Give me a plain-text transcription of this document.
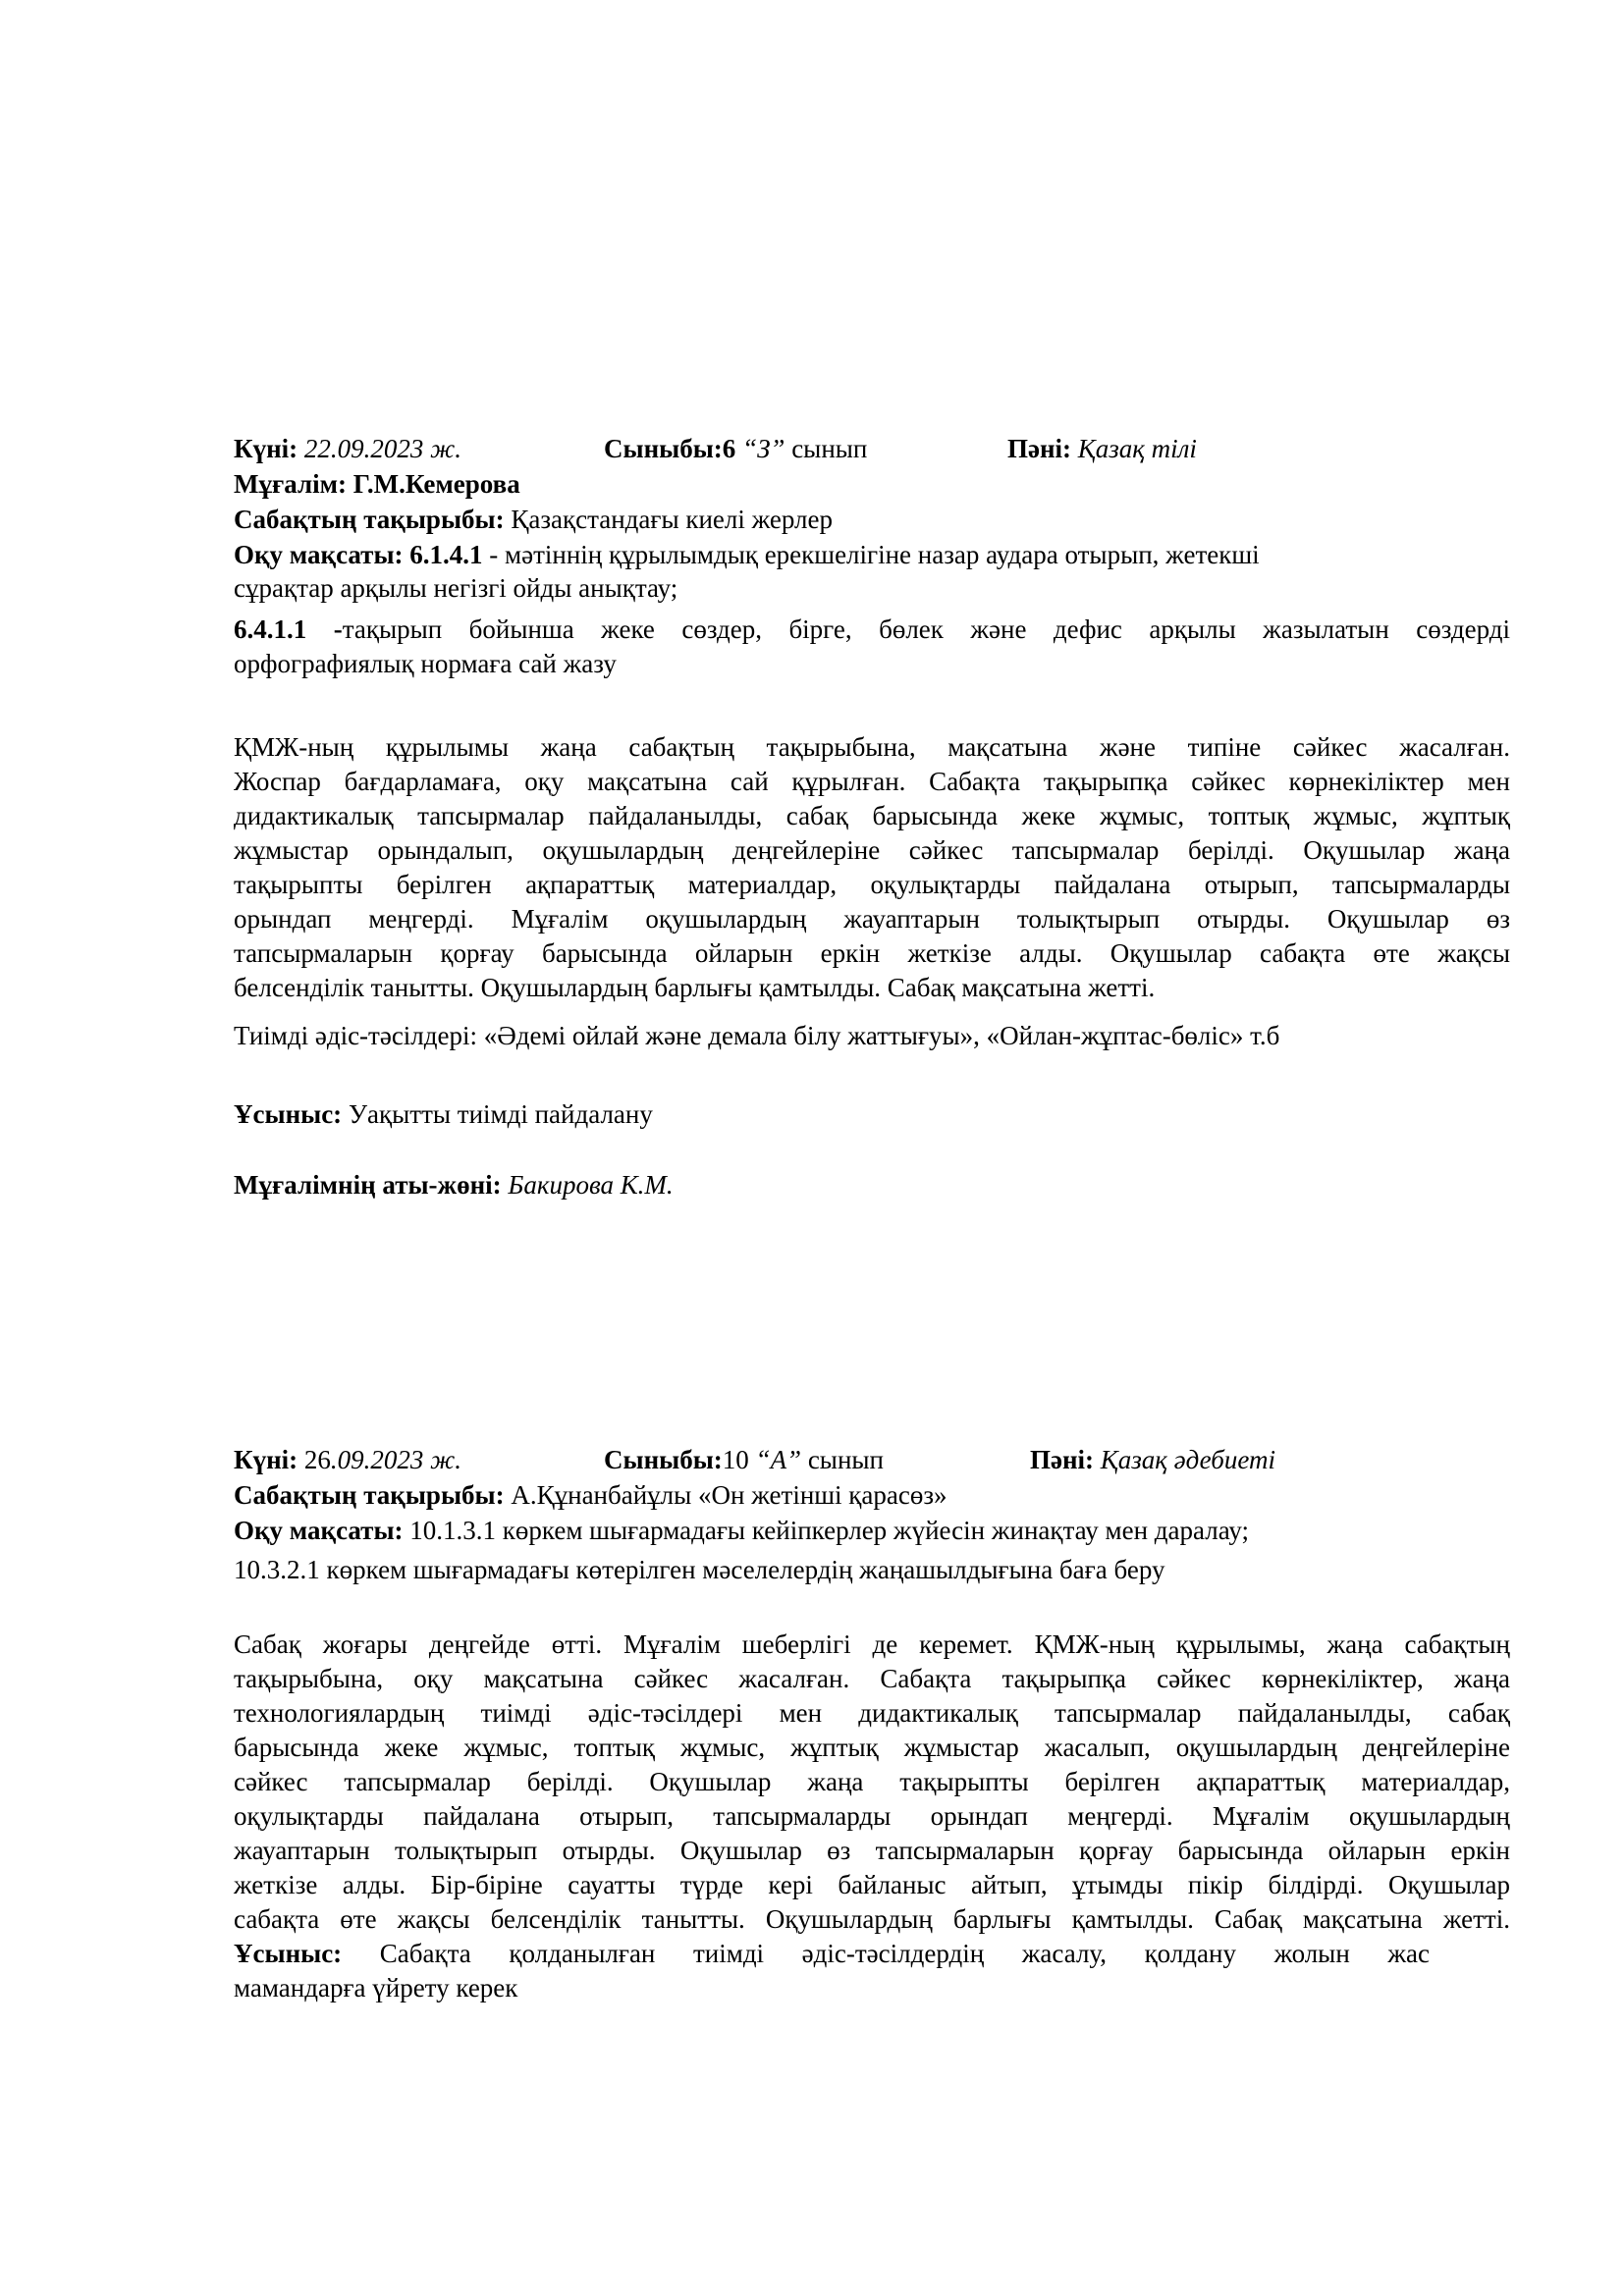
Күні: 22.09.2023 ж.	Сыныбы:6 “З” сынып	Пәні: Қазақ тілі
Мұғалім: Г.М.Кемерова
Сабақтың тақырыбы: Қазақстандағы киелі жерлер
Оқу мақсаты: 6.1.4.1 - мәтіннің құрылымдық ерекшелігіне назар аудара отырып, жетекші
сұрақтар арқылы негізгі ойды анықтау;
6.4.1.1 -тақырып бойынша жеке сөздер, бірге, бөлек және дефис арқылы жазылатын сөздерді
орфографиялық нормаға сай жазу
ҚМЖ-ның құрылымы жаңа сабақтың тақырыбына, мақсатына және типіне сәйкес жасалған.
Жоспар бағдарламаға, оқу мақсатына сай құрылған. Сабақта тақырыпқа сәйкес көрнекіліктер мен
дидактикалық тапсырмалар пайдаланылды, сабақ барысында жеке жұмыс, топтық жұмыс, жұптық
жұмыстар орындалып, оқушылардың деңгейлеріне сәйкес тапсырмалар берілді. Оқушылар жаңа
тақырыпты берілген ақпараттық материалдар, оқулықтарды пайдалана отырып, тапсырмаларды
орындап меңгерді. Мұғалім оқушылардың жауаптарын толықтырып отырды. Оқушылар өз
тапсырмаларын қорғау барысында ойларын еркін жеткізе алды. Оқушылар сабақта өте жақсы
белсенділік танытты. Оқушылардың барлығы қамтылды. Сабақ мақсатына жетті.
Тиімді әдіс-тәсілдері: «Әдемі ойлай және демала білу жаттығуы», «Ойлан-жұптас-бөліс» т.б
Ұсыныс: Уақытты тиімді пайдалану
Мұғалімнің аты-жөні: Бакирова К.М.
Күні: 26.09.2023 ж.	Сыныбы:10 “А” сынып	Пәні: Қазақ әдебиеті
Сабақтың тақырыбы: А.Құнанбайұлы «Он жетінші қарасөз»
Оқу мақсаты: 10.1.3.1 көркем шығармадағы кейіпкерлер жүйесін жинақтау мен даралау;
10.3.2.1 көркем шығармадағы көтерілген мәселелердің жаңашылдығына баға беру
Сабақ жоғары деңгейде өтті. Мұғалім шеберлігі де керемет. ҚМЖ-ның құрылымы, жаңа сабақтың
тақырыбына, оқу мақсатына сәйкес жасалған. Сабақта тақырыпқа сәйкес көрнекіліктер, жаңа
технологиялардың тиімді әдіс-тәсілдері мен дидактикалық тапсырмалар пайдаланылды, сабақ
барысында жеке жұмыс, топтық жұмыс, жұптық жұмыстар жасалып, оқушылардың деңгейлеріне
сәйкес тапсырмалар берілді. Оқушылар жаңа тақырыпты берілген ақпараттық материалдар,
оқулықтарды пайдалана отырып, тапсырмаларды орындап меңгерді. Мұғалім оқушылардың
жауаптарын толықтырып отырды. Оқушылар өз тапсырмаларын қорғау барысында ойларын еркін
жеткізе алды. Бір-біріне сауатты түрде кері байланыс айтып, ұтымды пікір білдірді. Оқушылар
сабақта өте жақсы белсенділік танытты. Оқушылардың барлығы қамтылды. Сабақ мақсатына жетті.
Ұсыныс: Сабақта қолданылған тиімді әдіс-тәсілдердің жасалу, қолдану жолын жас
мамандарға үйрету керек
